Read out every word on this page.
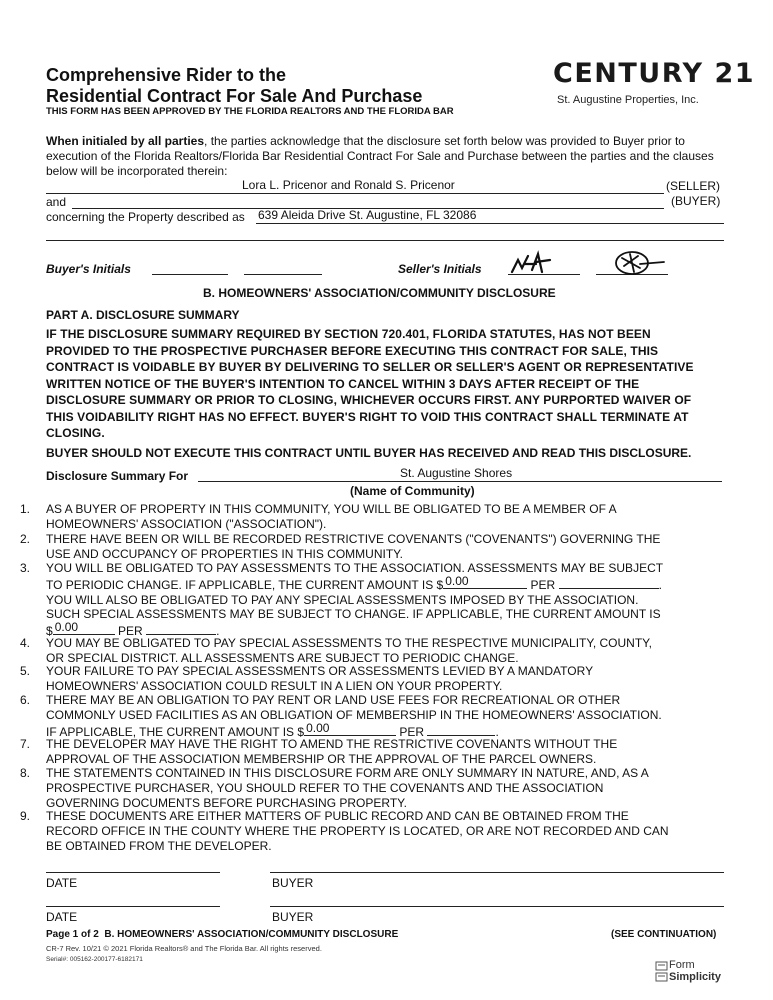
Comprehensive Rider to the
Residential Contract For Sale And Purchase
THIS FORM HAS BEEN APPROVED BY THE FLORIDA REALTORS AND THE FLORIDA BAR
CENTURY 21
St. Augustine Properties, Inc.
When initialed by all parties, the parties acknowledge that the disclosure set forth below was provided to Buyer prior to
execution of the Florida Realtors/Florida Bar Residential Contract For Sale and Purchase between the parties and the clauses
below will be incorporated therein:
Lora L. Pricenor and Ronald S. Pricenor	(SELLER)
and	(BUYER)
concerning the Property described as 639 Aleida Drive St. Augustine, FL 32086
Buyer's Initials	Seller's Initials
B. HOMEOWNERS' ASSOCIATION/COMMUNITY DISCLOSURE
PART A. DISCLOSURE SUMMARY
IF THE DISCLOSURE SUMMARY REQUIRED BY SECTION 720.401, FLORIDA STATUTES, HAS NOT BEEN
PROVIDED TO THE PROSPECTIVE PURCHASER BEFORE EXECUTING THIS CONTRACT FOR SALE, THIS
CONTRACT IS VOIDABLE BY BUYER BY DELIVERING TO SELLER OR SELLER'S AGENT OR REPRESENTATIVE
WRITTEN NOTICE OF THE BUYER'S INTENTION TO CANCEL WITHIN 3 DAYS AFTER RECEIPT OF THE
DISCLOSURE SUMMARY OR PRIOR TO CLOSING, WHICHEVER OCCURS FIRST. ANY PURPORTED WAIVER OF
THIS VOIDABILITY RIGHT HAS NO EFFECT. BUYER'S RIGHT TO VOID THIS CONTRACT SHALL TERMINATE AT
CLOSING.
BUYER SHOULD NOT EXECUTE THIS CONTRACT UNTIL BUYER HAS RECEIVED AND READ THIS DISCLOSURE.
Disclosure Summary For	St. Augustine Shores
(Name of Community)
1.	AS A BUYER OF PROPERTY IN THIS COMMUNITY, YOU WILL BE OBLIGATED TO BE A MEMBER OF A
HOMEOWNERS' ASSOCIATION ("ASSOCIATION").
2.	THERE HAVE BEEN OR WILL BE RECORDED RESTRICTIVE COVENANTS ("COVENANTS") GOVERNING THE
USE AND OCCUPANCY OF PROPERTIES IN THIS COMMUNITY.
3.	YOU WILL BE OBLIGATED TO PAY ASSESSMENTS TO THE ASSOCIATION. ASSESSMENTS MAY BE SUBJECT
TO PERIODIC CHANGE. IF APPLICABLE, THE CURRENT AMOUNT IS $ 0.00	PER	.
YOU WILL ALSO BE OBLIGATED TO PAY ANY SPECIAL ASSESSMENTS IMPOSED BY THE ASSOCIATION.
SUCH SPECIAL ASSESSMENTS MAY BE SUBJECT TO CHANGE. IF APPLICABLE, THE CURRENT AMOUNT IS
$ 0.00	PER	.
4.	YOU MAY BE OBLIGATED TO PAY SPECIAL ASSESSMENTS TO THE RESPECTIVE MUNICIPALITY, COUNTY,
OR SPECIAL DISTRICT. ALL ASSESSMENTS ARE SUBJECT TO PERIODIC CHANGE.
5.	YOUR FAILURE TO PAY SPECIAL ASSESSMENTS OR ASSESSMENTS LEVIED BY A MANDATORY
HOMEOWNERS' ASSOCIATION COULD RESULT IN A LIEN ON YOUR PROPERTY.
6.	THERE MAY BE AN OBLIGATION TO PAY RENT OR LAND USE FEES FOR RECREATIONAL OR OTHER
COMMONLY USED FACILITIES AS AN OBLIGATION OF MEMBERSHIP IN THE HOMEOWNERS' ASSOCIATION.
IF APPLICABLE, THE CURRENT AMOUNT IS $ 0.00	PER	.
7.	THE DEVELOPER MAY HAVE THE RIGHT TO AMEND THE RESTRICTIVE COVENANTS WITHOUT THE
APPROVAL OF THE ASSOCIATION MEMBERSHIP OR THE APPROVAL OF THE PARCEL OWNERS.
8.	THE STATEMENTS CONTAINED IN THIS DISCLOSURE FORM ARE ONLY SUMMARY IN NATURE, AND, AS A
PROSPECTIVE PURCHASER, YOU SHOULD REFER TO THE COVENANTS AND THE ASSOCIATION
GOVERNING DOCUMENTS BEFORE PURCHASING PROPERTY.
9.	THESE DOCUMENTS ARE EITHER MATTERS OF PUBLIC RECORD AND CAN BE OBTAINED FROM THE
RECORD OFFICE IN THE COUNTY WHERE THE PROPERTY IS LOCATED, OR ARE NOT RECORDED AND CAN
BE OBTAINED FROM THE DEVELOPER.
DATE	BUYER
DATE	BUYER
Page 1 of 2 B. HOMEOWNERS' ASSOCIATION/COMMUNITY DISCLOSURE	(SEE CONTINUATION)
CR-7 Rev. 10/21 © 2021 Florida Realtors® and The Florida Bar. All rights reserved.
Serial#: 005162-200177-6182171	Form
Simplicity
